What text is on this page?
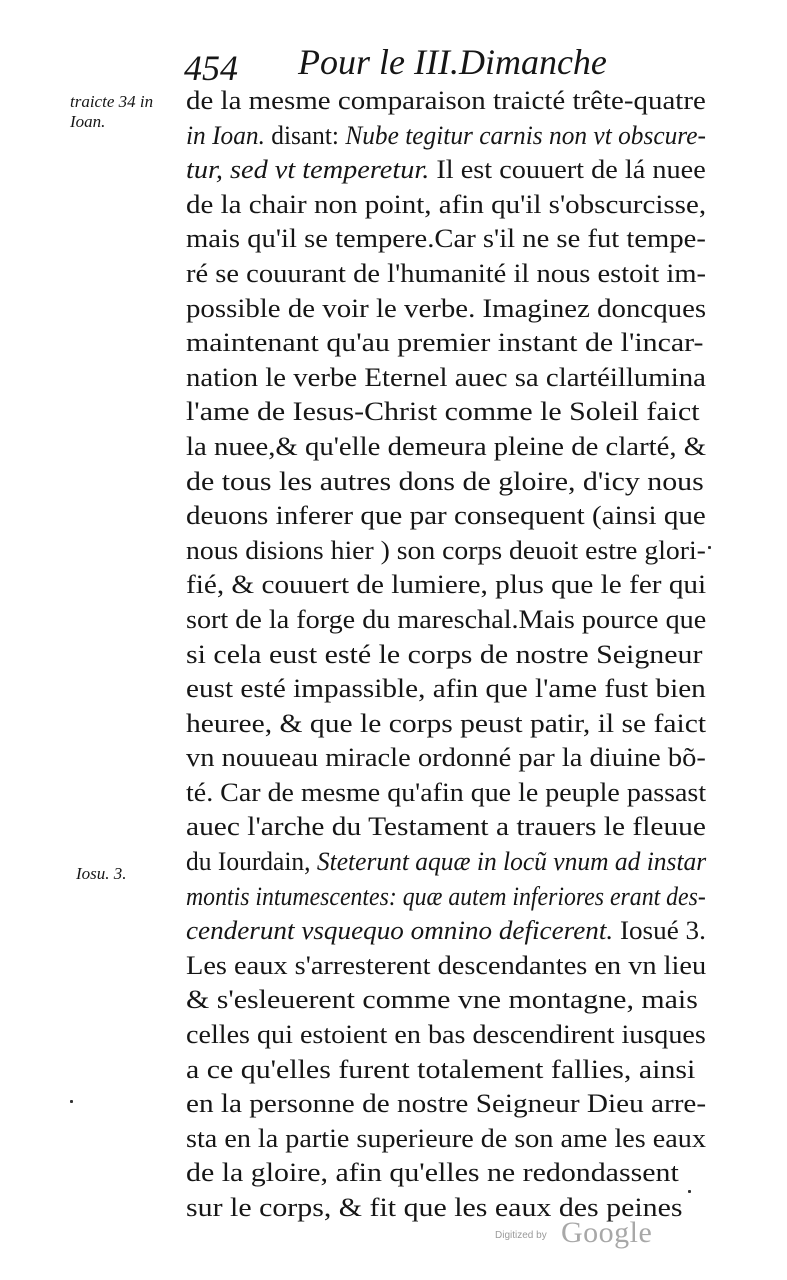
454 Pour le III.Dimanche
traicte 34 in
Ioan.
Iosu. 3.
de la mesme comparaison traicté trête-quatre
in Ioan. disant: Nube tegitur carnis non vt obscure-
tur, sed vt temperetur. Il est couuert de lá nuee
de la chair non point, afin qu'il s'obscurcisse,
mais qu'il se tempere.Car s'il ne se fut tempe-
ré se couurant de l'humanité il nous estoit im-
possible de voir le verbe. Imaginez doncques
maintenant qu'au premier instant de l'incar-
nation le verbe Eternel auec sa clartéillumina
l'ame de Iesus-Christ comme le Soleil faict
la nuee,& qu'elle demeura pleine de clarté, &
de tous les autres dons de gloire, d'icy nous
deuons inferer que par consequent (ainsi que
nous disions hier ) son corps deuoit estre glori-
fié, & couuert de lumiere, plus que le fer qui
sort de la forge du mareschal.Mais pource que
si cela eust esté le corps de nostre Seigneur
eust esté impassible, afin que l'ame fust bien
heuree, & que le corps peust patir, il se faict
vn nouueau miracle ordonné par la diuine bõ-
té. Car de mesme qu'afin que le peuple passast
auec l'arche du Testament a trauers le fleuue
du Iourdain, Steterunt aquæ in locũ vnum ad instar
montis intumescentes: quæ autem inferiores erant des-
cenderunt vsquequo omnino deficerent. Iosué 3.
Les eaux s'arresterent descendantes en vn lieu
& s'esleuerent comme vne montagne, mais
celles qui estoient en bas descendirent iusques
a ce qu'elles furent totalement fallies, ainsi
en la personne de nostre Seigneur Dieu arre-
sta en la partie superieure de son ame les eaux
de la gloire, afin qu'elles ne redondassent
sur le corps, & fit que les eaux des peines
Digitized by Google
